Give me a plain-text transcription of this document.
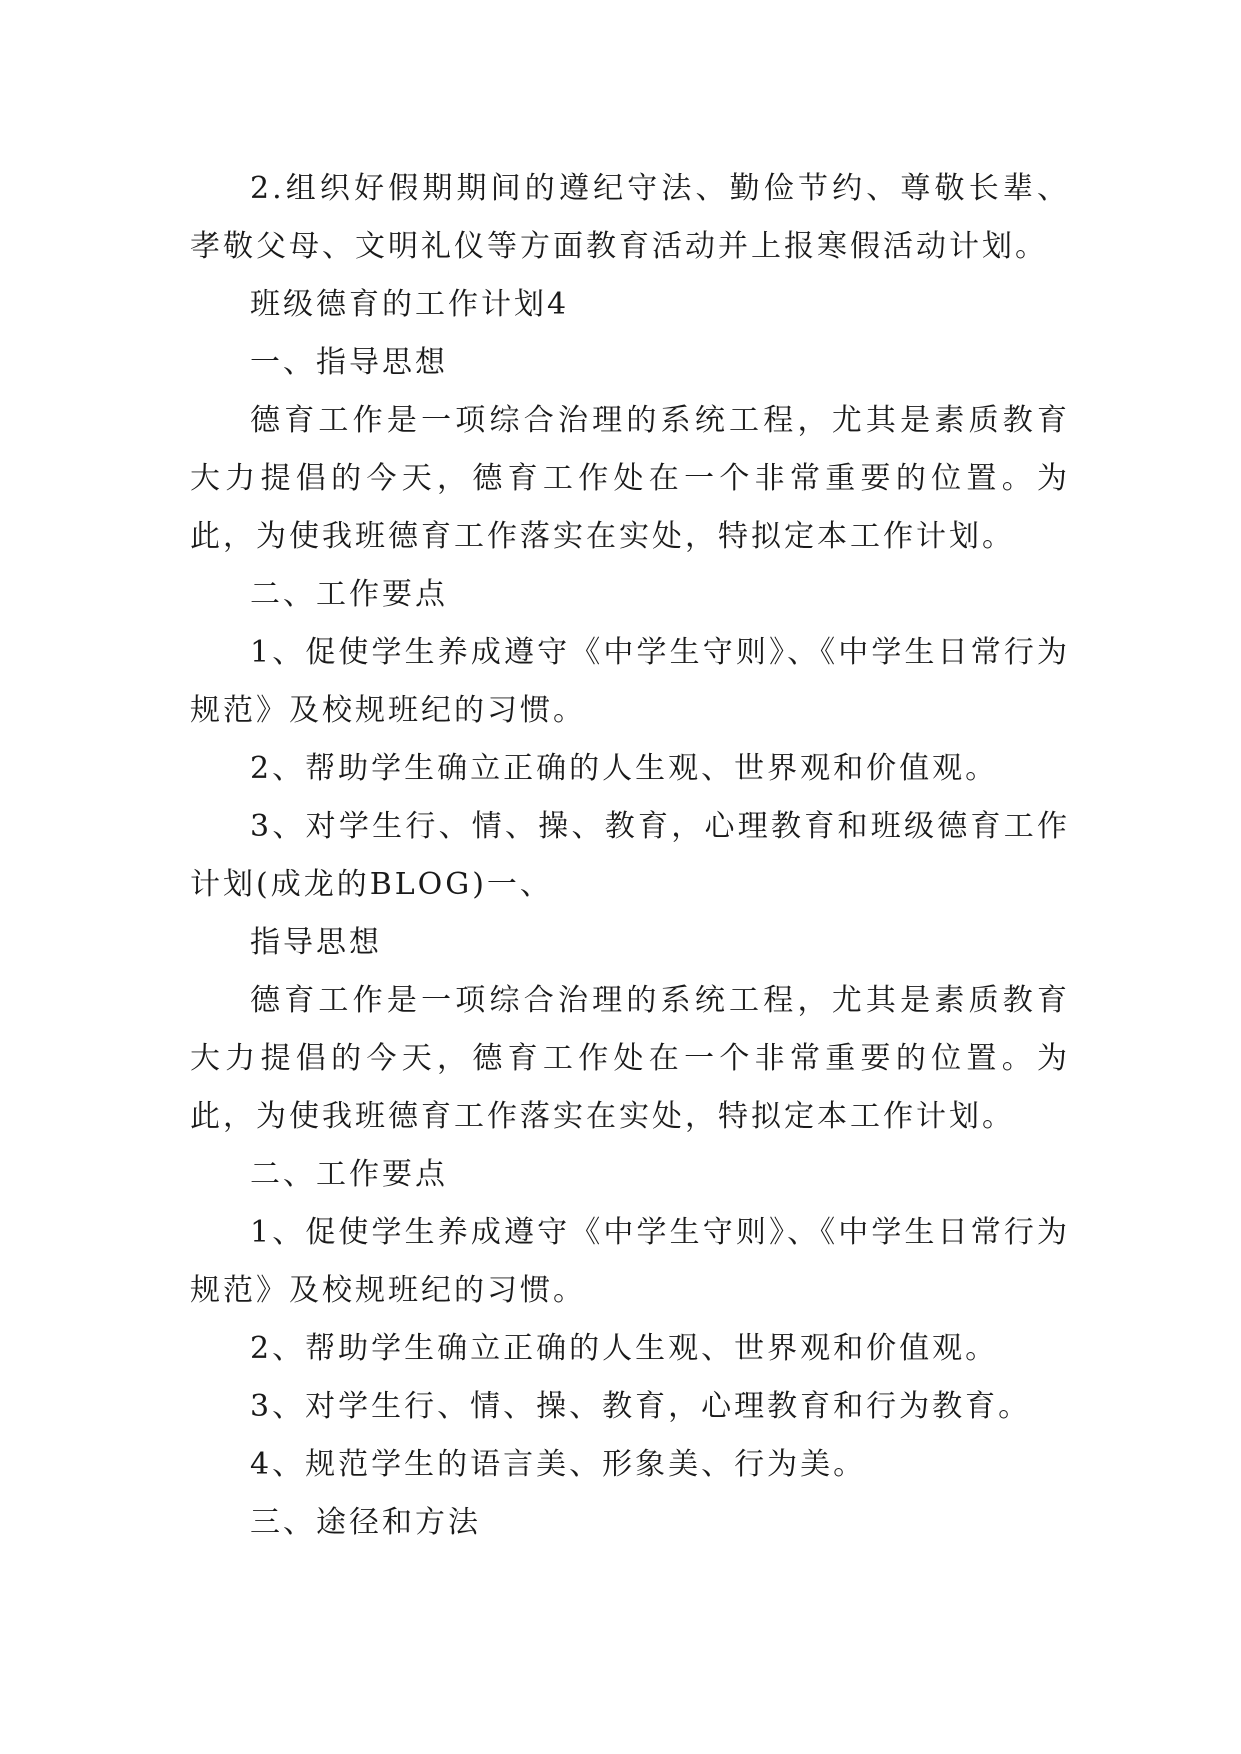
2.组织好假期期间的遵纪守法、勤俭节约、尊敬长辈、孝敬父母、文明礼仪等方面教育活动并上报寒假活动计划。

班级德育的工作计划4

一、指导思想

德育工作是一项综合治理的系统工程，尤其是素质教育大力提倡的今天，德育工作处在一个非常重要的位置。为此，为使我班德育工作落实在实处，特拟定本工作计划。

二、工作要点

1、促使学生养成遵守《中学生守则》、《中学生日常行为规范》及校规班纪的习惯。

2、帮助学生确立正确的人生观、世界观和价值观。

3、对学生行、情、操、教育，心理教育和班级德育工作计划(成龙的BLOG)一、

指导思想

德育工作是一项综合治理的系统工程，尤其是素质教育大力提倡的今天，德育工作处在一个非常重要的位置。为此，为使我班德育工作落实在实处，特拟定本工作计划。

二、工作要点

1、促使学生养成遵守《中学生守则》、《中学生日常行为规范》及校规班纪的习惯。

2、帮助学生确立正确的人生观、世界观和价值观。

3、对学生行、情、操、教育，心理教育和行为教育。

4、规范学生的语言美、形象美、行为美。

三、途径和方法
